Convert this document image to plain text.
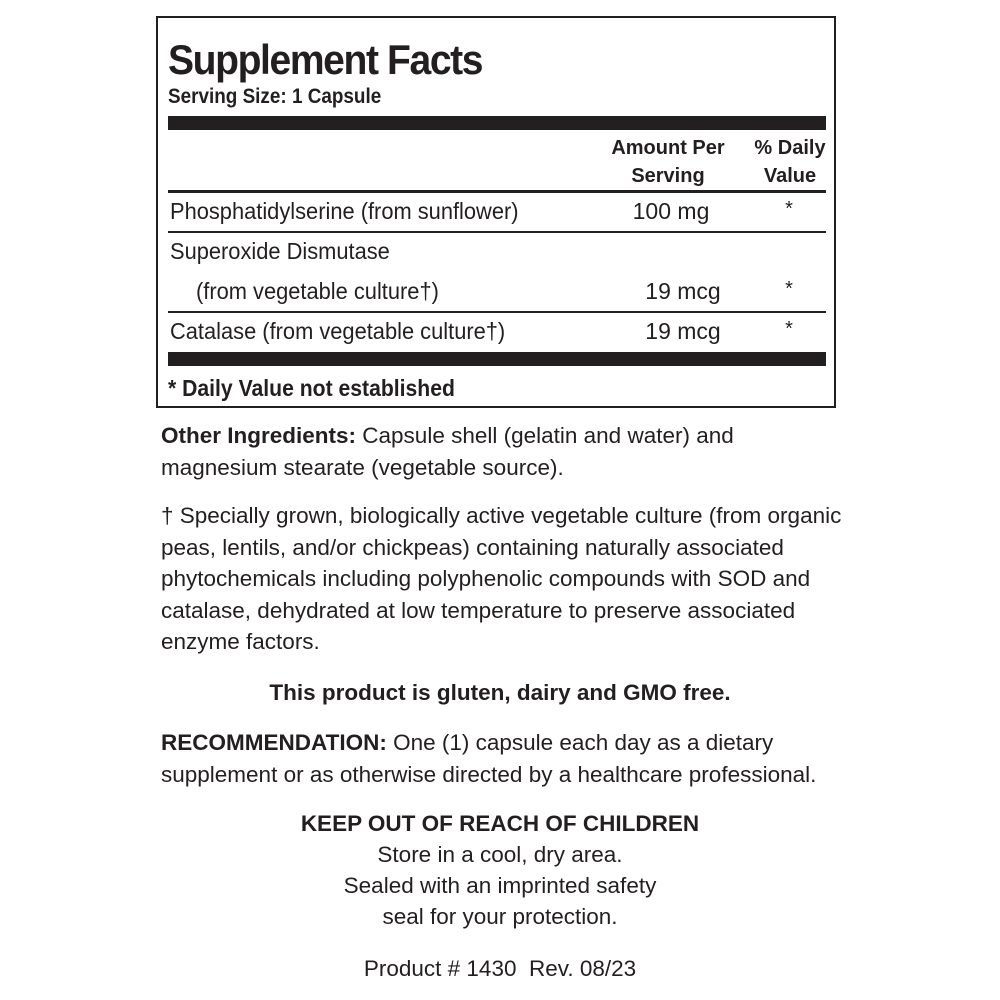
Supplement Facts
Serving Size: 1 Capsule
Amount Per
Serving
% Daily
Value
Phosphatidylserine (from sunflower)	100 mg	*
Superoxide Dismutase
(from vegetable culture†)	19 mcg	*
Catalase (from vegetable culture†)	19 mcg	*
* Daily Value not established

Other Ingredients: Capsule shell (gelatin and water) and magnesium stearate (vegetable source).

† Specially grown, biologically active vegetable culture (from organic peas, lentils, and/or chickpeas) containing naturally associated phytochemicals including polyphenolic compounds with SOD and catalase, dehydrated at low temperature to preserve associated enzyme factors.

This product is gluten, dairy and GMO free.

RECOMMENDATION: One (1) capsule each day as a dietary supplement or as otherwise directed by a healthcare professional.

KEEP OUT OF REACH OF CHILDREN
Store in a cool, dry area.
Sealed with an imprinted safety
seal for your protection.
Product # 1430  Rev. 08/23
